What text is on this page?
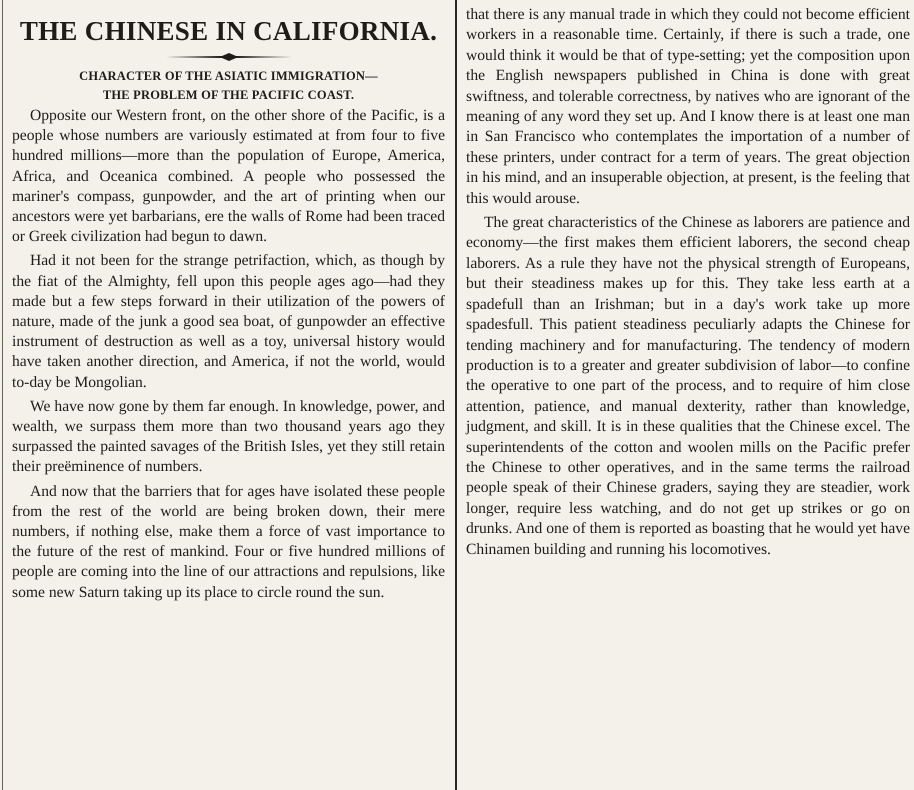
THE CHINESE IN CALIFORNIA.
CHARACTER OF THE ASIATIC IMMIGRATION—
THE PROBLEM OF THE PACIFIC COAST.

Opposite our Western front, on the other shore of the Pacific, is a people whose numbers are variously estimated at from four to five hundred millions—more than the population of Europe, America, Africa, and Oceanica combined. A people who possessed the mariner's compass, gunpowder, and the art of printing when our ancestors were yet barbarians, ere the walls of Rome had been traced or Greek civilization had begun to dawn.

Had it not been for the strange petrifaction, which, as though by the fiat of the Almighty, fell upon this people ages ago—had they made but a few steps forward in their utilization of the powers of nature, made of the junk a good sea boat, of gunpowder an effective instrument of destruction as well as a toy, universal history would have taken another direction, and America, if not the world, would to-day be Mongolian.

We have now gone by them far enough. In knowledge, power, and wealth, we surpass them more than two thousand years ago they surpassed the painted savages of the British Isles, yet they still retain their preëminence of numbers.

And now that the barriers that for ages have isolated these people from the rest of the world are being broken down, their mere numbers, if nothing else, make them a force of vast importance to the future of the rest of mankind. Four or five hundred millions of people are coming into the line of our attractions and repulsions, like some new Saturn taking up its place to circle round the sun.

that there is any manual trade in which they could not become efficient workers in a reasonable time. Certainly, if there is such a trade, one would think it would be that of type-setting; yet the composition upon the English newspapers published in China is done with great swiftness, and tolerable correctness, by natives who are ignorant of the meaning of any word they set up. And I know there is at least one man in San Francisco who contemplates the importation of a number of these printers, under contract for a term of years. The great objection in his mind, and an insuperable objection, at present, is the feeling that this would arouse.

The great characteristics of the Chinese as laborers are patience and economy—the first makes them efficient laborers, the second cheap laborers. As a rule they have not the physical strength of Europeans, but their steadiness makes up for this. They take less earth at a spadefull than an Irishman; but in a day's work take up more spadesfull. This patient steadiness peculiarly adapts the Chinese for tending machinery and for manufacturing. The tendency of modern production is to a greater and greater subdivision of labor—to confine the operative to one part of the process, and to require of him close attention, patience, and manual dexterity, rather than knowledge, judgment, and skill. It is in these qualities that the Chinese excel. The superintendents of the cotton and woolen mills on the Pacific prefer the Chinese to other operatives, and in the same terms the railroad people speak of their Chinese graders, saying they are steadier, work longer, require less watching, and do not get up strikes or go on drunks. And one of them is reported as boasting that he would yet have Chinamen building and running his locomotives.
